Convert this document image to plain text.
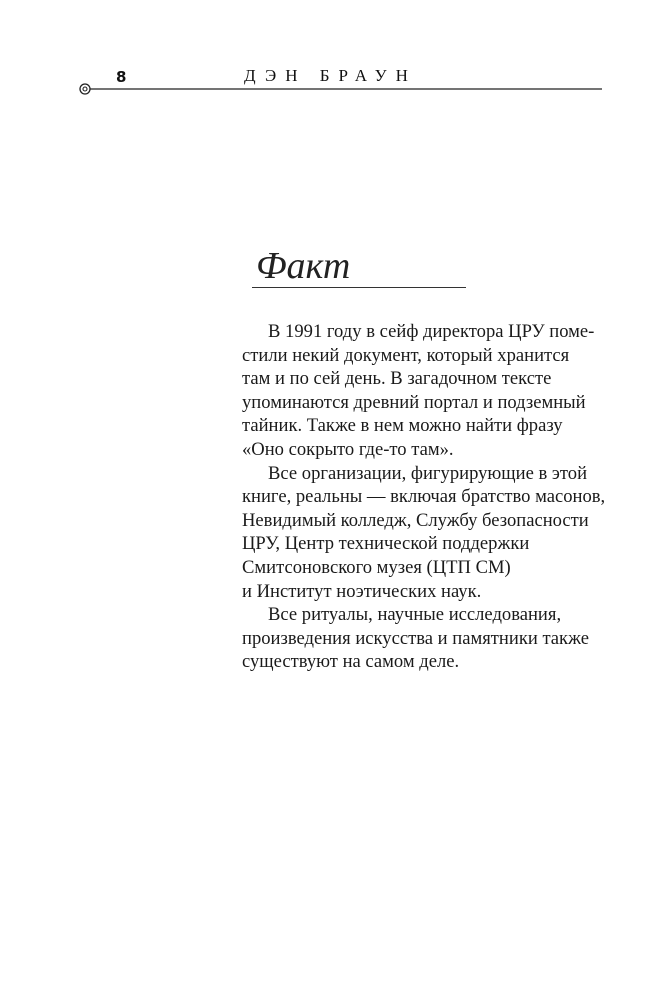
8	ДЭН БРАУН
Факт

В 1991 году в сейф директора ЦРУ поме-
стили некий документ, который хранится
там и по сей день. В загадочном тексте
упоминаются древний портал и подземный
тайник. Также в нем можно найти фразу
«Оно сокрыто где-то там».

Все организации, фигурирующие в этой
книге, реальны — включая братство масонов,
Невидимый колледж, Службу безопасности
ЦРУ, Центр технической поддержки
Смитсоновского музея (ЦТП СМ)
и Институт ноэтических наук.

Все ритуалы, научные исследования,
произведения искусства и памятники также
существуют на самом деле.
